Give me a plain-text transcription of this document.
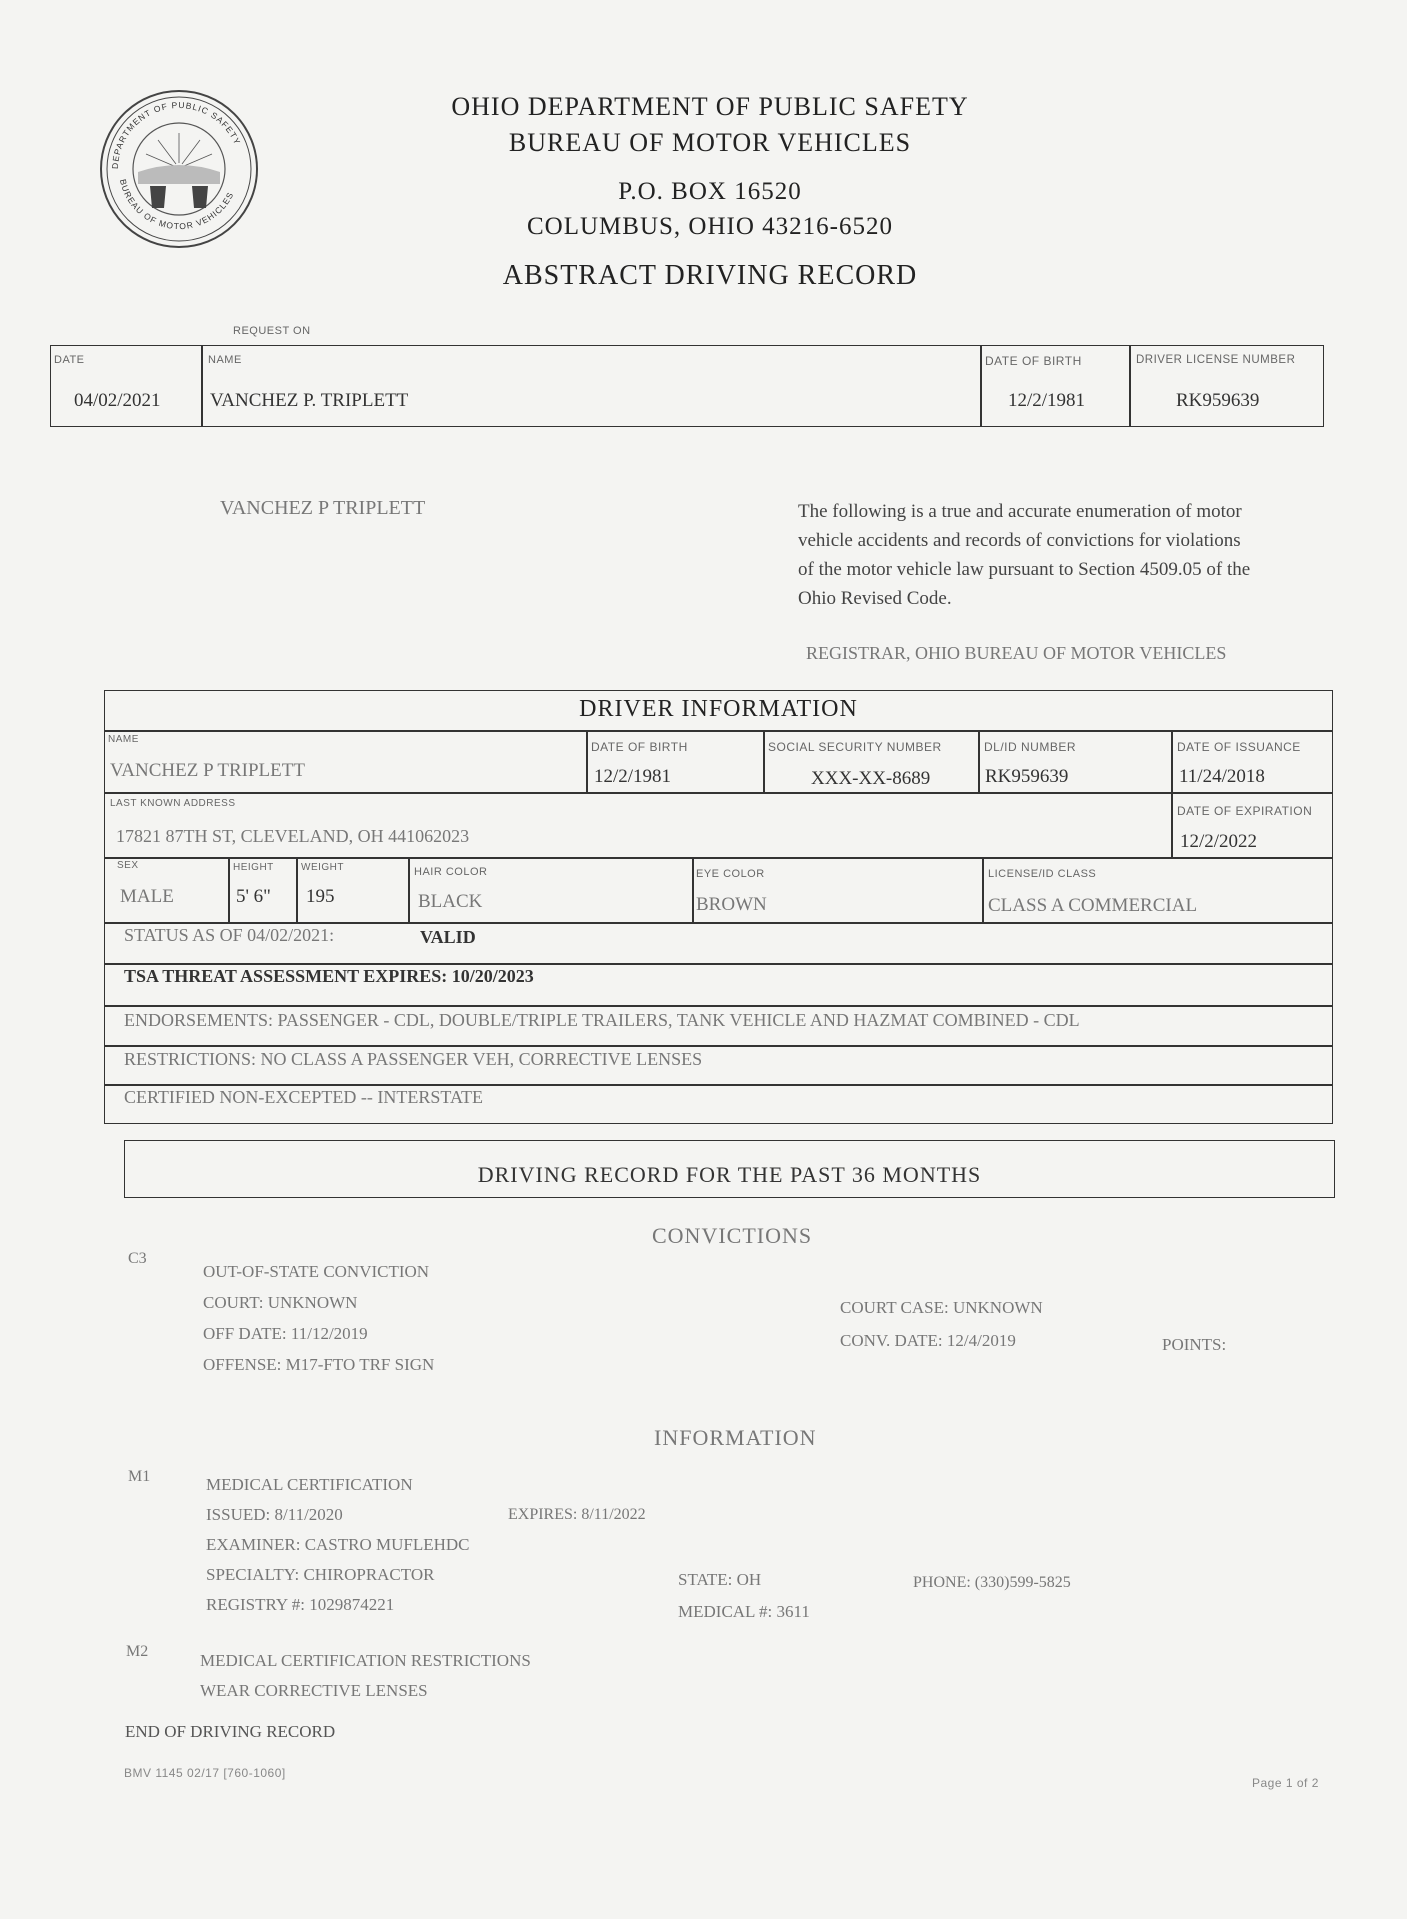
DEPARTMENT OF PUBLIC SAFETY
BUREAU OF MOTOR VEHICLES
OHIO DEPARTMENT OF PUBLIC SAFETY
BUREAU OF MOTOR VEHICLES
P.O. BOX 16520
COLUMBUS, OHIO 43216-6520
ABSTRACT DRIVING RECORD
REQUEST ON
DATE
04/02/2021
NAME
VANCHEZ P. TRIPLETT
DATE OF BIRTH
12/2/1981
DRIVER LICENSE NUMBER
RK959639
VANCHEZ P TRIPLETT	The following is a true and accurate enumeration of motor
vehicle accidents and records of convictions for violations
of the motor vehicle law pursuant to Section 4509.05 of the
Ohio Revised Code.
REGISTRAR, OHIO BUREAU OF MOTOR VEHICLES
DRIVER INFORMATION
NAME
VANCHEZ P TRIPLETT
DATE OF BIRTH
12/2/1981
SOCIAL SECURITY NUMBER
XXX-XX-8689
DL/ID NUMBER
RK959639
DATE OF ISSUANCE
11/24/2018
LAST KNOWN ADDRESS
17821 87TH ST, CLEVELAND, OH 441062023
DATE OF EXPIRATION
12/2/2022
SEX
MALE
HEIGHT
5' 6"
WEIGHT
195
HAIR COLOR
BLACK
EYE COLOR
BROWN
LICENSE/ID CLASS
CLASS A COMMERCIAL
STATUS AS OF 04/02/2021:	VALID
TSA THREAT ASSESSMENT EXPIRES: 10/20/2023
ENDORSEMENTS: PASSENGER - CDL, DOUBLE/TRIPLE TRAILERS, TANK VEHICLE AND HAZMAT COMBINED - CDL
RESTRICTIONS: NO CLASS A PASSENGER VEH, CORRECTIVE LENSES
CERTIFIED NON-EXCEPTED -- INTERSTATE
DRIVING RECORD FOR THE PAST 36 MONTHS
CONVICTIONS
C3
OUT-OF-STATE CONVICTION
COURT: UNKNOWN
OFF DATE: 11/12/2019
OFFENSE: M17-FTO TRF SIGN
COURT CASE: UNKNOWN
CONV. DATE: 12/4/2019	POINTS:
INFORMATION
M1	MEDICAL CERTIFICATION
ISSUED: 8/11/2020
EXAMINER: CASTRO MUFLEHDC
SPECIALTY: CHIROPRACTOR
REGISTRY #: 1029874221
EXPIRES: 8/11/2022
STATE: OH
MEDICAL #: 3611
PHONE: (330)599-5825
M2	MEDICAL CERTIFICATION RESTRICTIONS
WEAR CORRECTIVE LENSES
END OF DRIVING RECORD
BMV 1145 02/17 [760-1060]
Page 1 of 2
